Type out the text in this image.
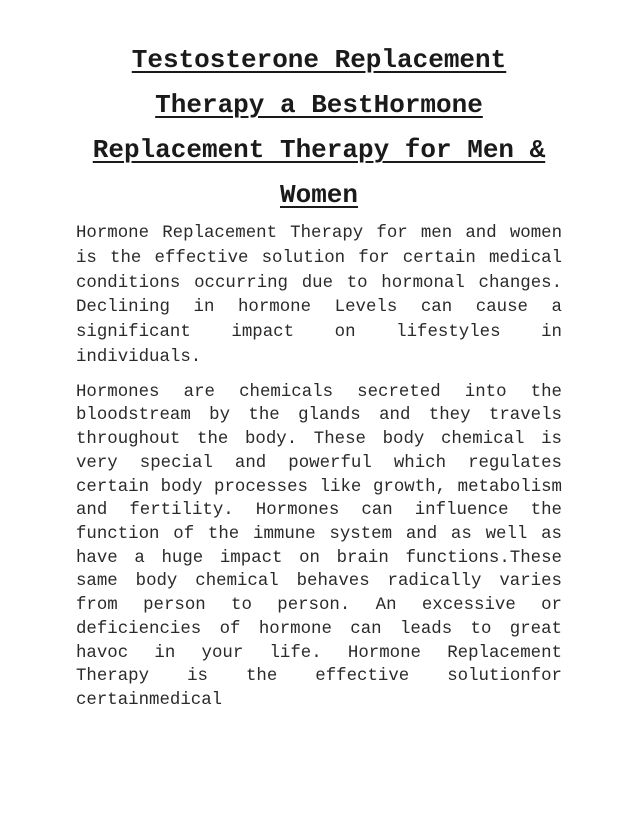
Testosterone Replacement Therapy a BestHormone Replacement Therapy for Men & Women

Hormone Replacement Therapy for men and women is the effective solution for certain medical conditions occurring due to hormonal changes. Declining in hormone Levels can cause a significant impact on lifestyles in individuals.

Hormones are chemicals secreted into the bloodstream by the glands and they travels throughout the body. These body chemical is very special and powerful which regulates certain body processes like growth, metabolism and fertility. Hormones can influence the function of the immune system and as well as have a huge impact on brain functions.These same body chemical behaves radically varies from person to person. An excessive or deficiencies of hormone can leads to great havoc in your life. Hormone Replacement Therapy is the effective solutionfor certainmedical
